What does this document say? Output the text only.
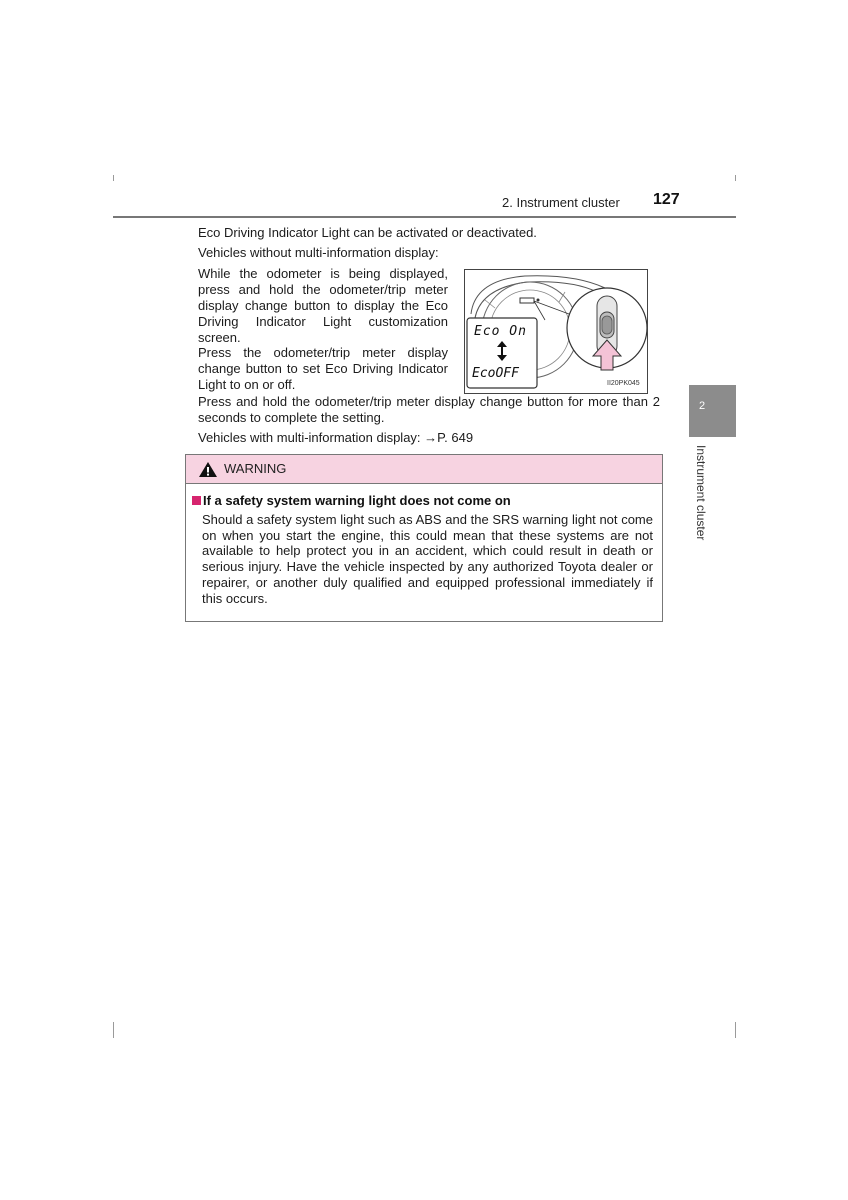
2. Instrument cluster 127
2
Instrument cluster
Eco Driving Indicator Light can be activated or deactivated.
Vehicles without multi-information display:
While the odometer is being displayed, press and hold the odometer/trip meter display change button to display the Eco Driving Indicator Light customization screen.
Press the odometer/trip meter display change button to set Eco Driving Indicator Light to on or off.
Press and hold the odometer/trip meter display change button for more than 2 seconds to complete the setting.
Vehicles with multi-information display: →P. 649
Eco On
EcoOFF
II20PK045
WARNING
If a safety system warning light does not come on
Should a safety system light such as ABS and the SRS warning light not come on when you start the engine, this could mean that these systems are not available to help protect you in an accident, which could result in death or serious injury. Have the vehicle inspected by any authorized Toyota dealer or repairer, or another duly qualified and equipped professional immediately if this occurs.
